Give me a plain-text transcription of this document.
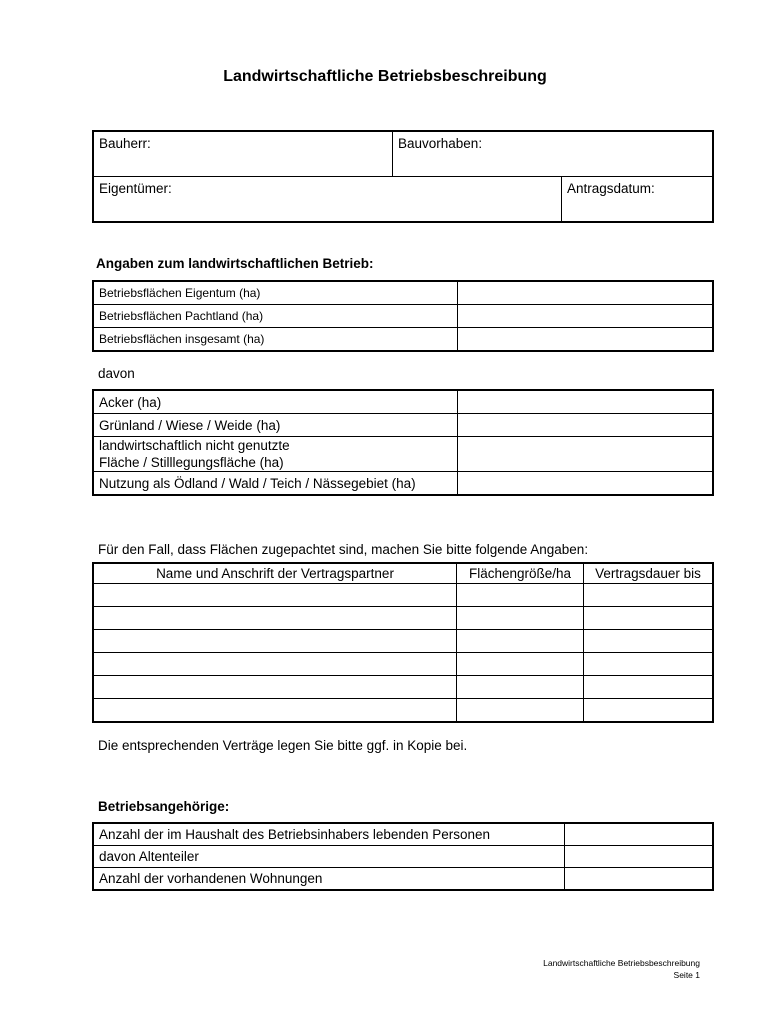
Landwirtschaftliche Betriebsbeschreibung
Bauherr:	Bauvorhaben:	
Eigentümer:		Antragsdatum:
Angaben zum landwirtschaftlichen Betrieb:
Betriebsflächen Eigentum (ha)	
Betriebsflächen Pachtland (ha)	
Betriebsflächen insgesamt (ha)	
davon
Acker (ha)	
Grünland / Wiese / Weide (ha)	

landwirtschaftlich nicht genutzte
Fläche / Stilllegungsfläche (ha)	

Nutzung als Ödland / Wald / Teich / Nässegebiet (ha)	
Für den Fall, dass Flächen zugepachtet sind, machen Sie bitte folgende Angaben:
Name und Anschrift der Vertragspartner	Flächengröße/ha	Vertragsdauer bis

Die entsprechenden Verträge legen Sie bitte ggf. in Kopie bei.
Betriebsangehörige:
Anzahl der im Haushalt des Betriebsinhabers lebenden Personen	
davon Altenteiler	
Anzahl der vorhandenen Wohnungen	
Landwirtschaftliche Betriebsbeschreibung
Seite 1
